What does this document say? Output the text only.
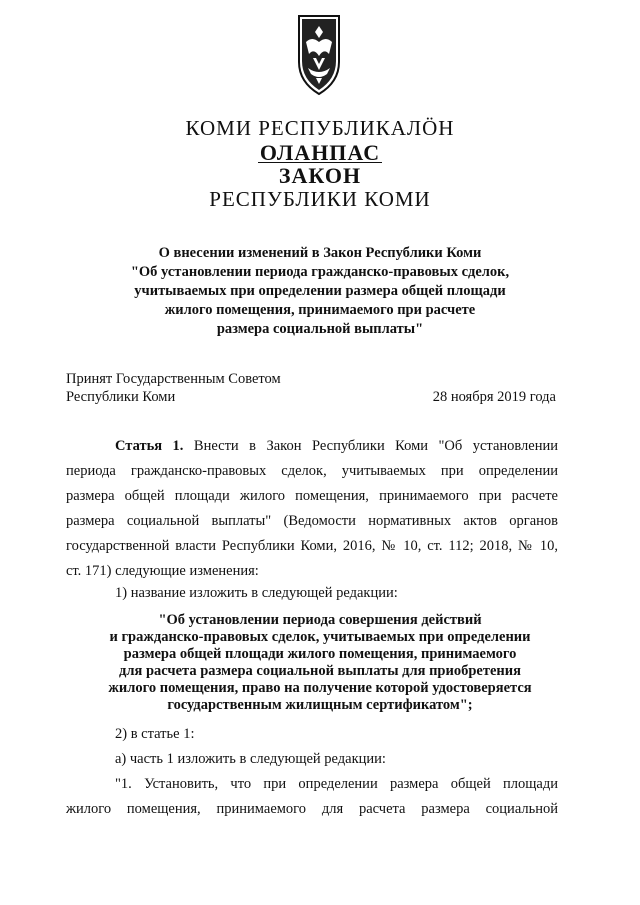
КОМИ РЕСПУБЛИКАЛӦН
ОЛАНПАС
ЗАКОН
РЕСПУБЛИКИ КОМИ
О внесении изменений в Закон Республики Коми
"Об установлении периода гражданско-правовых сделок,
учитываемых при определении размера общей площади
жилого помещения, принимаемого при расчете
размера социальной выплаты"
Принят Государственным Советом
Республики Коми	28 ноября 2019 года
Статья 1. Внести в Закон Республики Коми "Об установлении
периода гражданско-правовых сделок, учитываемых при определении
размера общей площади жилого помещения, принимаемого при расчете
размера социальной выплаты" (Ведомости нормативных актов органов
государственной власти Республики Коми, 2016, № 10, ст. 112; 2018, № 10,
ст. 171) следующие изменения:
1) название изложить в следующей редакции:
"Об установлении периода совершения действий
и гражданско-правовых сделок, учитываемых при определении
размера общей площади жилого помещения, принимаемого
для расчета размера социальной выплаты для приобретения
жилого помещения, право на получение которой удостоверяется
государственным жилищным сертификатом";
2) в статье 1:
а) часть 1 изложить в следующей редакции:
"1. Установить, что при определении размера общей площади
жилого помещения, принимаемого для расчета размера социальной
